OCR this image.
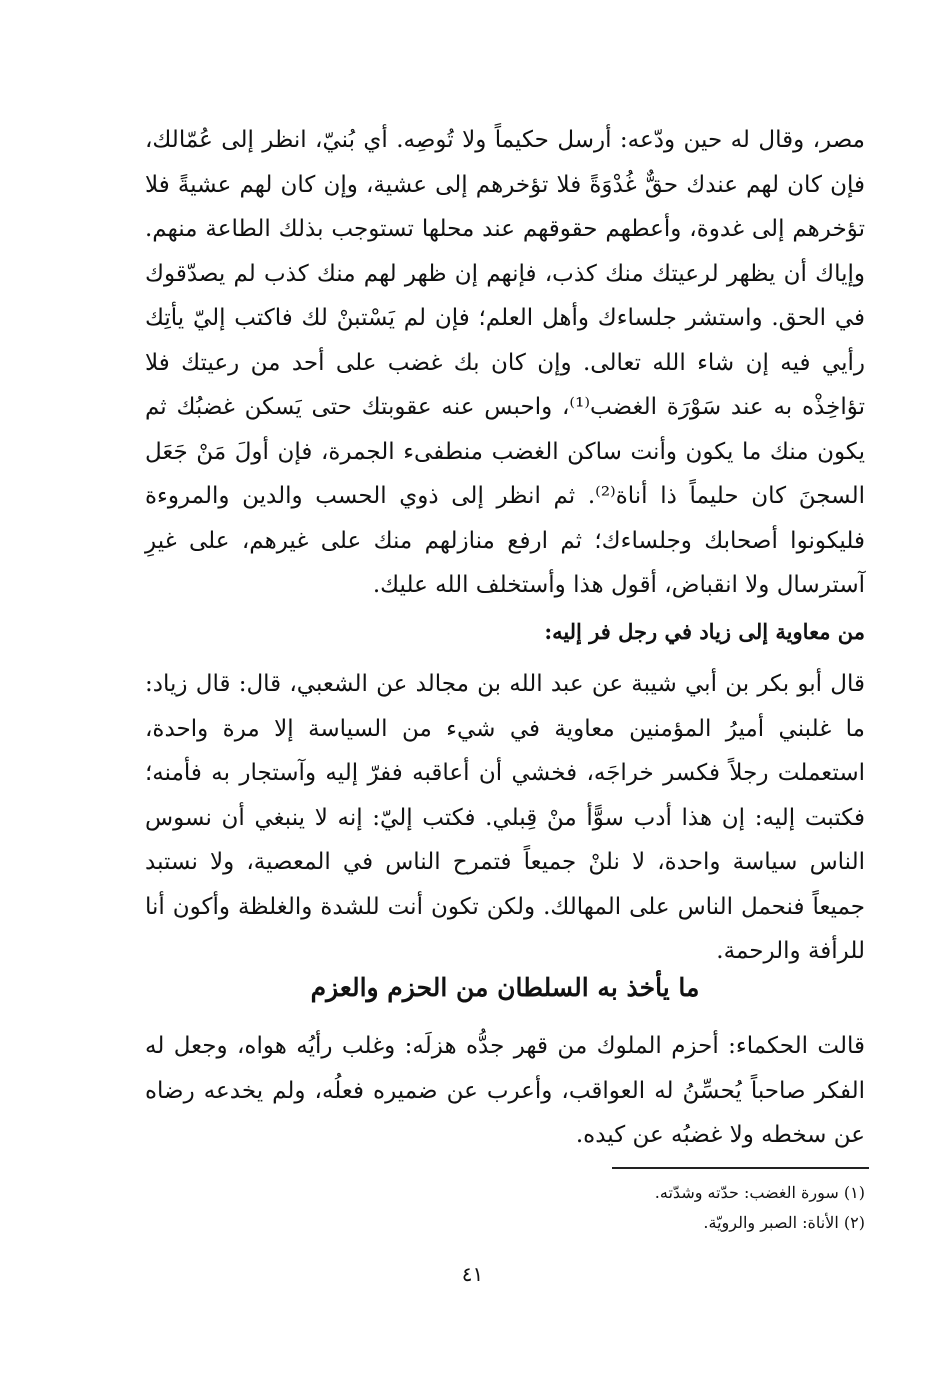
مصر، وقال له حين ودّعه: أرسل حكيماً ولا تُوصِه. أي بُنيّ، انظر إلى عُمّالك، فإن كان لهم عندك حقٌّ غُدْوَةً فلا تؤخرهم إلى عشية، وإن كان لهم عشيةً فلا تؤخرهم إلى غدوة، وأعطهم حقوقهم عند محلها تستوجب بذلك الطاعة منهم. وإياك أن يظهر لرعيتك منك كذب، فإنهم إن ظهر لهم منك كذب لم يصدّقوك في الحق. واستشر جلساءك وأهل العلم؛ فإن لم يَسْتبنْ لك فاكتب إليّ يأتِك رأيي فيه إن شاء الله تعالى. وإن كان بك غضب على أحد من رعيتك فلا تؤاخِذْه به عند سَوْرَة الغضب⁽¹⁾، واحبس عنه عقوبتك حتى يَسكن غضبُك ثم يكون منك ما يكون وأنت ساكن الغضب منطفىء الجمرة، فإن أولَ مَنْ جَعَل السجنَ كان حليماً ذا أناة⁽²⁾. ثم انظر إلى ذوي الحسب والدين والمروءة فليكونوا أصحابك وجلساءك؛ ثم ارفع منازلهم منك على غيرهم، على غيرِ آسترسال ولا انقباض، أقول هذا وأستخلف الله عليك.

من معاوية إلى زياد في رجل فر إليه:

قال أبو بكر بن أبي شيبة عن عبد الله بن مجالد عن الشعبي، قال: قال زياد: ما غلبني أميرُ المؤمنين معاوية في شيء من السياسة إلا مرة واحدة، استعملت رجلاً فكسر خراجَه، فخشي أن أعاقبه ففرّ إليه وآستجار به فأمنه؛ فكتبت إليه: إن هذا أدب سوًّأ منْ قِبلي. فكتب إليّ: إنه لا ينبغي أن نسوس الناس سياسة واحدة، لا نلنْ جميعاً فتمرح الناس في المعصية، ولا نستبد جميعاً فنحمل الناس على المهالك. ولكن تكون أنت للشدة والغلظة وأكون أنا للرأفة والرحمة.

ما يأخذ به السلطان من الحزم والعزم

قالت الحكماء: أحزم الملوك من قهر جدُّه هزلَه: وغلب رأيُه هواه، وجعل له الفكر صاحباً يُحسِّنُ له العواقب، وأعرب عن ضميره فعلُه، ولم يخدعه رضاه عن سخطه ولا غضبُه عن كيده.

(١) سورة الغضب: حدّته وشدّته.

(٢) الأناة: الصبر والرويّة.

٤١
